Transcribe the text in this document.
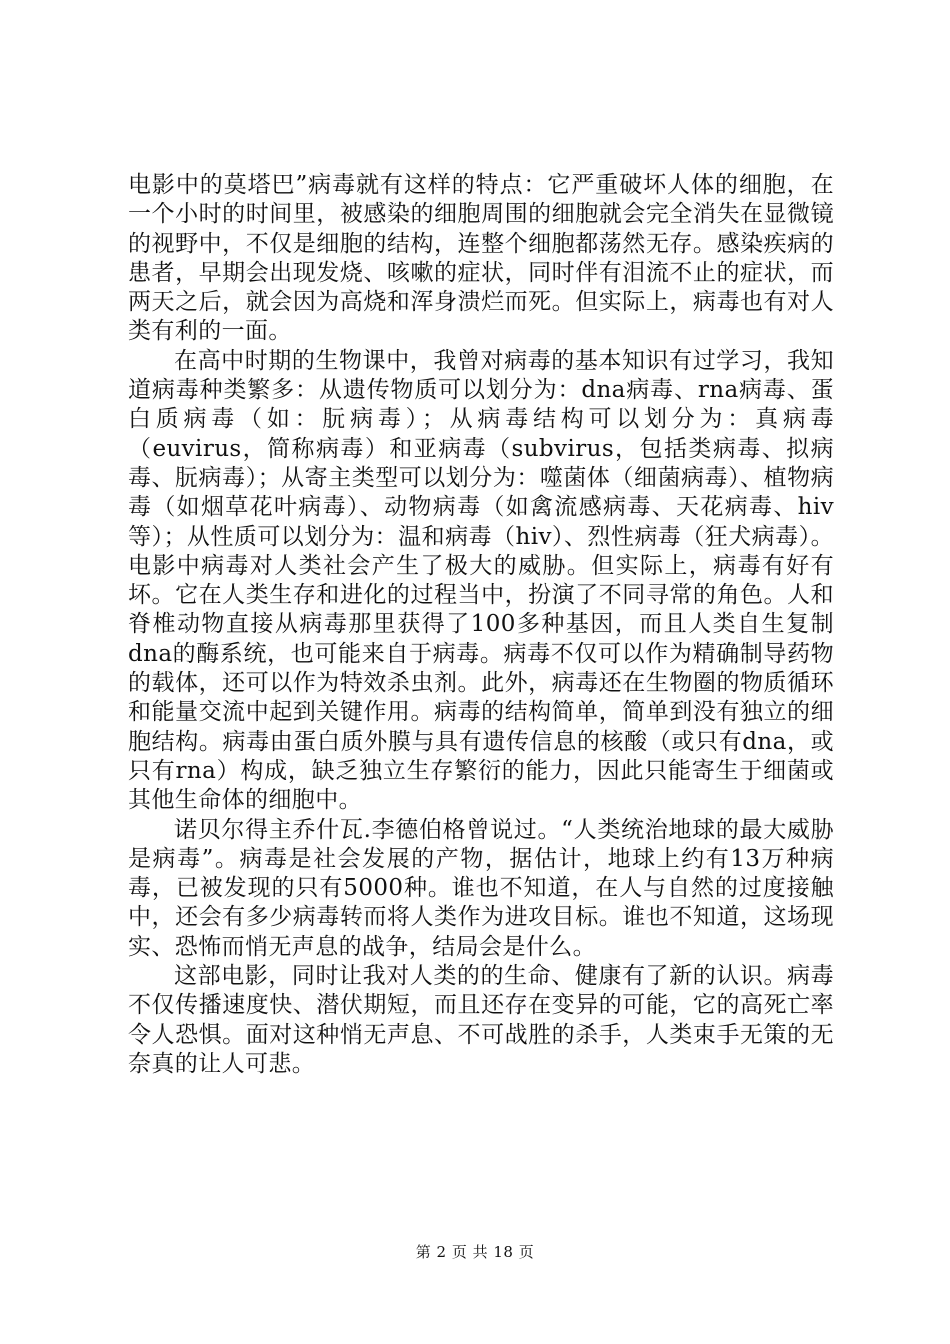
电影中的莫塔巴”病毒就有这样的特点：它严重破坏人体的细胞，在一个小时的时间里，被感染的细胞周围的细胞就会完全消失在显微镜的视野中，不仅是细胞的结构，连整个细胞都荡然无存。感染疾病的患者，早期会出现发烧、咳嗽的症状，同时伴有泪流不止的症状，而两天之后，就会因为高烧和浑身溃烂而死。但实际上，病毒也有对人类有利的一面。

在高中时期的生物课中，我曾对病毒的基本知识有过学习，我知道病毒种类繁多：从遗传物质可以划分为：dna病毒、rna病毒、蛋白质病毒（如：朊病毒）；从病毒结构可以划分为：真病毒（euvirus，简称病毒）和亚病毒（subvirus，包括类病毒、拟病毒、朊病毒）；从寄主类型可以划分为：噬菌体（细菌病毒）、植物病毒（如烟草花叶病毒）、动物病毒（如禽流感病毒、天花病毒、hiv等）；从性质可以划分为：温和病毒（hiv）、烈性病毒（狂犬病毒）。电影中病毒对人类社会产生了极大的威胁。但实际上，病毒有好有坏。它在人类生存和进化的过程当中，扮演了不同寻常的角色。人和脊椎动物直接从病毒那里获得了100多种基因，而且人类自生复制dna的酶系统，也可能来自于病毒。病毒不仅可以作为精确制导药物的载体，还可以作为特效杀虫剂。此外，病毒还在生物圈的物质循环和能量交流中起到关键作用。病毒的结构简单，简单到没有独立的细胞结构。病毒由蛋白质外膜与具有遗传信息的核酸（或只有dna，或只有rna）构成，缺乏独立生存繁衍的能力，因此只能寄生于细菌或其他生命体的细胞中。

诺贝尔得主乔什瓦.李德伯格曾说过。“人类统治地球的最大威胁是病毒”。病毒是社会发展的产物，据估计，地球上约有13万种病毒，已被发现的只有5000种。谁也不知道，在人与自然的过度接触中，还会有多少病毒转而将人类作为进攻目标。谁也不知道，这场现实、恐怖而悄无声息的战争，结局会是什么。

这部电影，同时让我对人类的的生命、健康有了新的认识。病毒不仅传播速度快、潜伏期短，而且还存在变异的可能，它的高死亡率令人恐惧。面对这种悄无声息、不可战胜的杀手，人类束手无策的无奈真的让人可悲。

第 2 页 共 18 页
